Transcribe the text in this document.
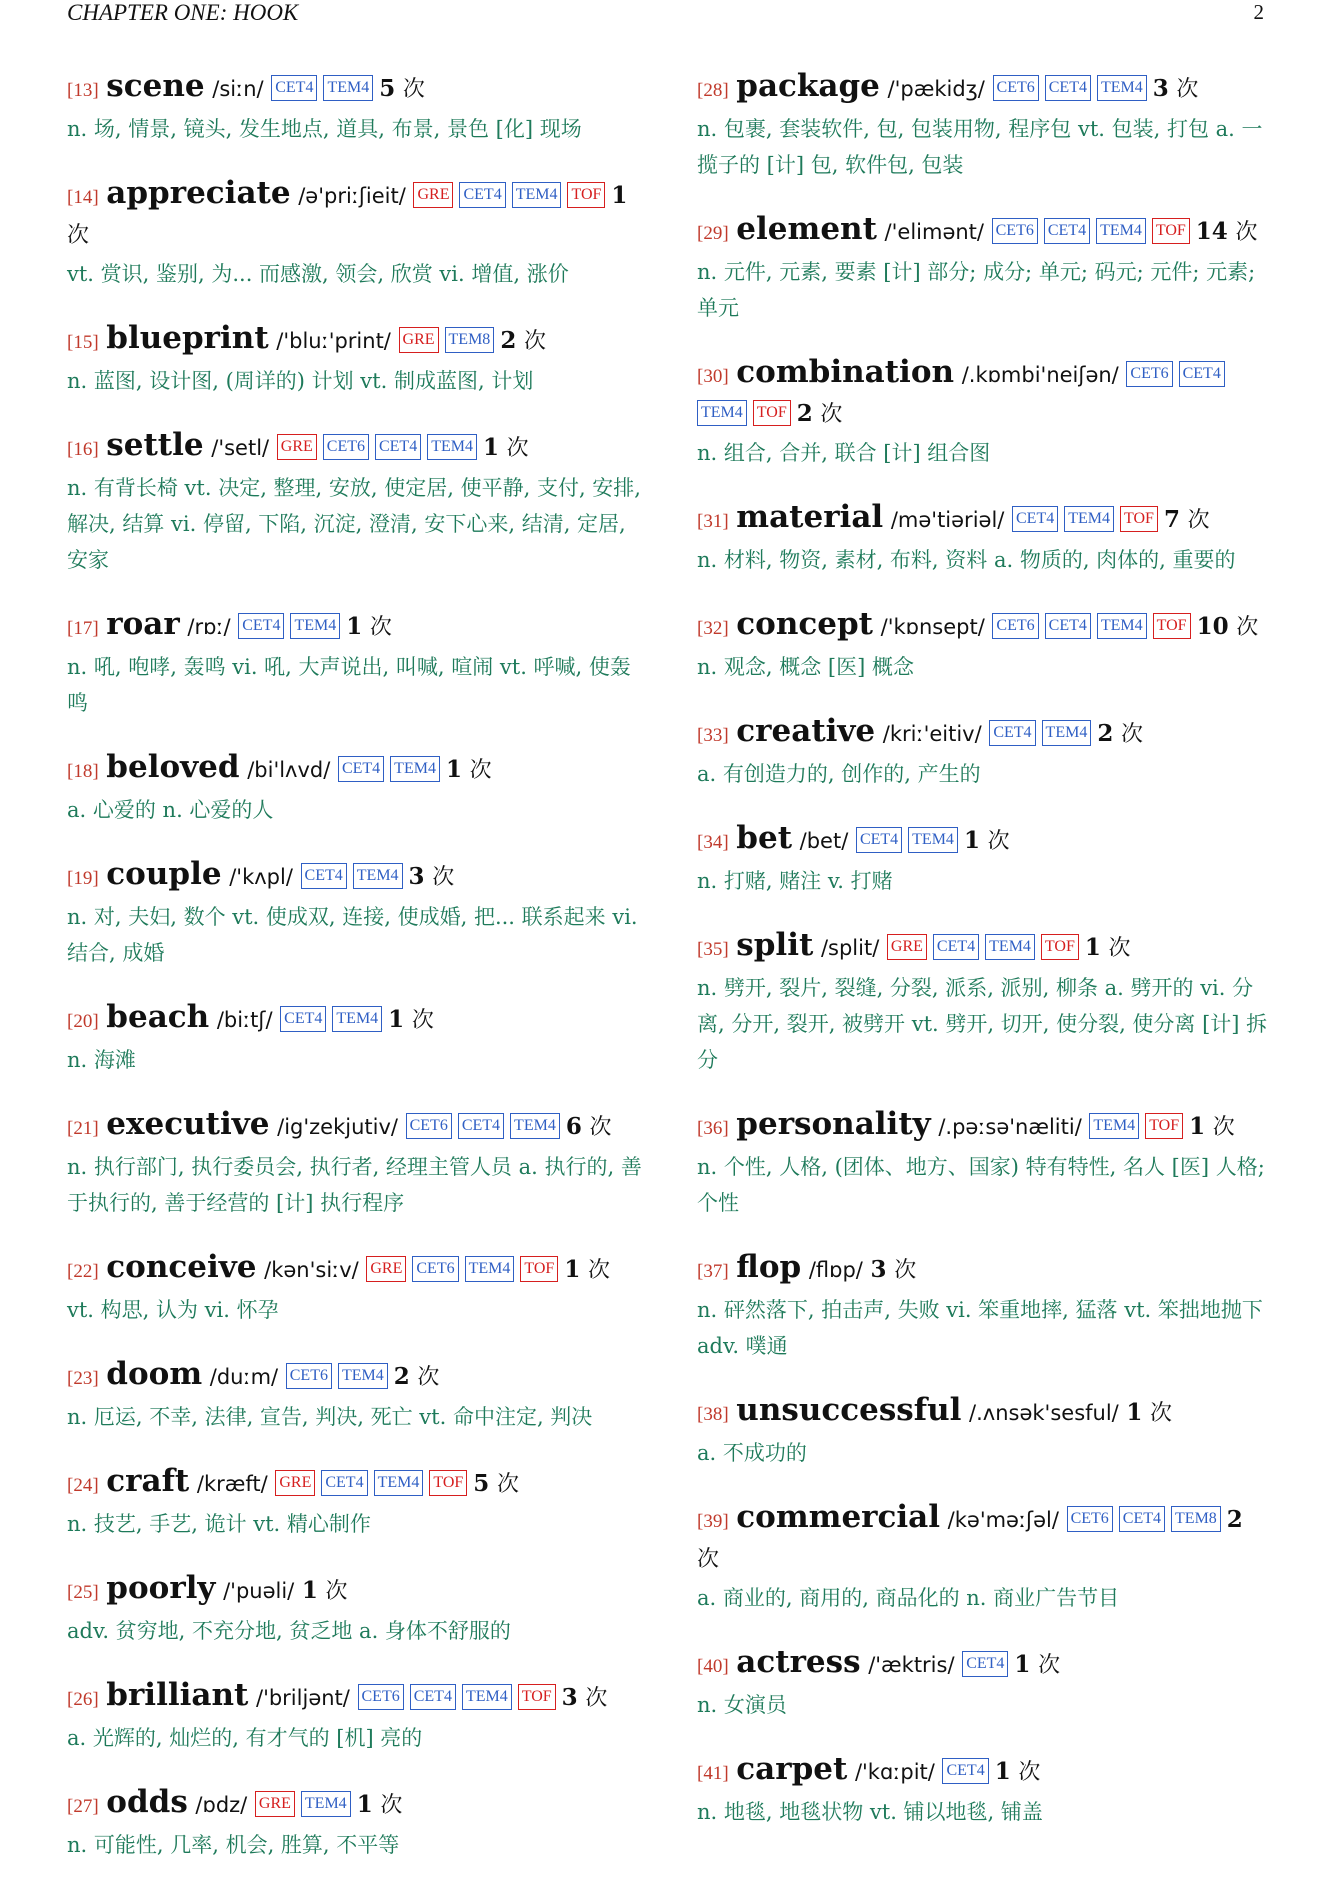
CHAPTER ONE: HOOK	2
[13] scene /siːn/ CET4 TEM4 5 次
n. 场, 情景, 镜头, 发生地点, 道具, 布景, 景色 [化] 现场
[14] appreciate /ə'priːʃieit/ GRE CET4 TEM4 TOF 1 次
vt. 赏识, 鉴别, 为... 而感激, 领会, 欣赏 vi. 增值, 涨价
[15] blueprint /'bluː'print/ GRE TEM8 2 次
n. 蓝图, 设计图, (周详的) 计划 vt. 制成蓝图, 计划
[16] settle /'setl/ GRE CET6 CET4 TEM4 1 次
n. 有背长椅 vt. 决定, 整理, 安放, 使定居, 使平静, 支付, 安排, 解决, 结算 vi. 停留, 下陷, 沉淀, 澄清, 安下心来, 结清, 定居, 安家
[17] roar /rɒː/ CET4 TEM4 1 次
n. 吼, 咆哮, 轰鸣 vi. 吼, 大声说出, 叫喊, 喧闹 vt. 呼喊, 使轰鸣
[18] beloved /bi'lʌvd/ CET4 TEM4 1 次
a. 心爱的 n. 心爱的人
[19] couple /'kʌpl/ CET4 TEM4 3 次
n. 对, 夫妇, 数个 vt. 使成双, 连接, 使成婚, 把... 联系起来 vi. 结合, 成婚
[20] beach /biːtʃ/ CET4 TEM4 1 次
n. 海滩
[21] executive /ig'zekjutiv/ CET6 CET4 TEM4 6 次
n. 执行部门, 执行委员会, 执行者, 经理主管人员 a. 执行的, 善于执行的, 善于经营的 [计] 执行程序
[22] conceive /kən'siːv/ GRE CET6 TEM4 TOF 1 次
vt. 构思, 认为 vi. 怀孕
[23] doom /duːm/ CET6 TEM4 2 次
n. 厄运, 不幸, 法律, 宣告, 判决, 死亡 vt. 命中注定, 判决
[24] craft /kræft/ GRE CET4 TEM4 TOF 5 次
n. 技艺, 手艺, 诡计 vt. 精心制作
[25] poorly /'puəli/ 1 次
adv. 贫穷地, 不充分地, 贫乏地 a. 身体不舒服的
[26] brilliant /'briljənt/ CET6 CET4 TEM4 TOF 3 次
a. 光辉的, 灿烂的, 有才气的 [机] 亮的
[27] odds /ɒdz/ GRE TEM4 1 次
n. 可能性, 几率, 机会, 胜算, 不平等
[28] package /'pækidʒ/ CET6 CET4 TEM4 3 次
n. 包裹, 套装软件, 包, 包装用物, 程序包 vt. 包装, 打包 a. 一揽子的 [计] 包, 软件包, 包装
[29] element /'elimənt/ CET6 CET4 TEM4 TOF 14 次
n. 元件, 元素, 要素 [计] 部分; 成分; 单元; 码元; 元件; 元素; 单元
[30] combination /.kɒmbi'neiʃən/ CET6 CET4TEM4 TOF 2 次
n. 组合, 合并, 联合 [计] 组合图
[31] material /mə'tiəriəl/ CET4 TEM4 TOF 7 次
n. 材料, 物资, 素材, 布料, 资料 a. 物质的, 肉体的, 重要的
[32] concept /'kɒnsept/ CET6 CET4 TEM4 TOF 10 次
n. 观念, 概念 [医] 概念
[33] creative /kriː'eitiv/ CET4 TEM4 2 次
a. 有创造力的, 创作的, 产生的
[34] bet /bet/ CET4 TEM4 1 次
n. 打赌, 赌注 v. 打赌
[35] split /split/ GRE CET4 TEM4 TOF 1 次
n. 劈开, 裂片, 裂缝, 分裂, 派系, 派别, 柳条 a. 劈开的 vi. 分离, 分开, 裂开, 被劈开 vt. 劈开, 切开, 使分裂, 使分离 [计] 拆分
[36] personality /.pəːsə'næliti/ TEM4 TOF 1 次
n. 个性, 人格, (团体、地方、国家) 特有特性, 名人 [医] 人格; 个性
[37] flop /flɒp/ 3 次
n. 砰然落下, 拍击声, 失败 vi. 笨重地摔, 猛落 vt. 笨拙地抛下 adv. 噗通
[38] unsuccessful /.ʌnsək'sesful/ 1 次
a. 不成功的
[39] commercial /kə'məːʃəl/ CET6 CET4 TEM8 2 次
a. 商业的, 商用的, 商品化的 n. 商业广告节目
[40] actress /'æktris/ CET4 1 次
n. 女演员
[41] carpet /'kɑːpit/ CET4 1 次
n. 地毯, 地毯状物 vt. 铺以地毯, 铺盖
